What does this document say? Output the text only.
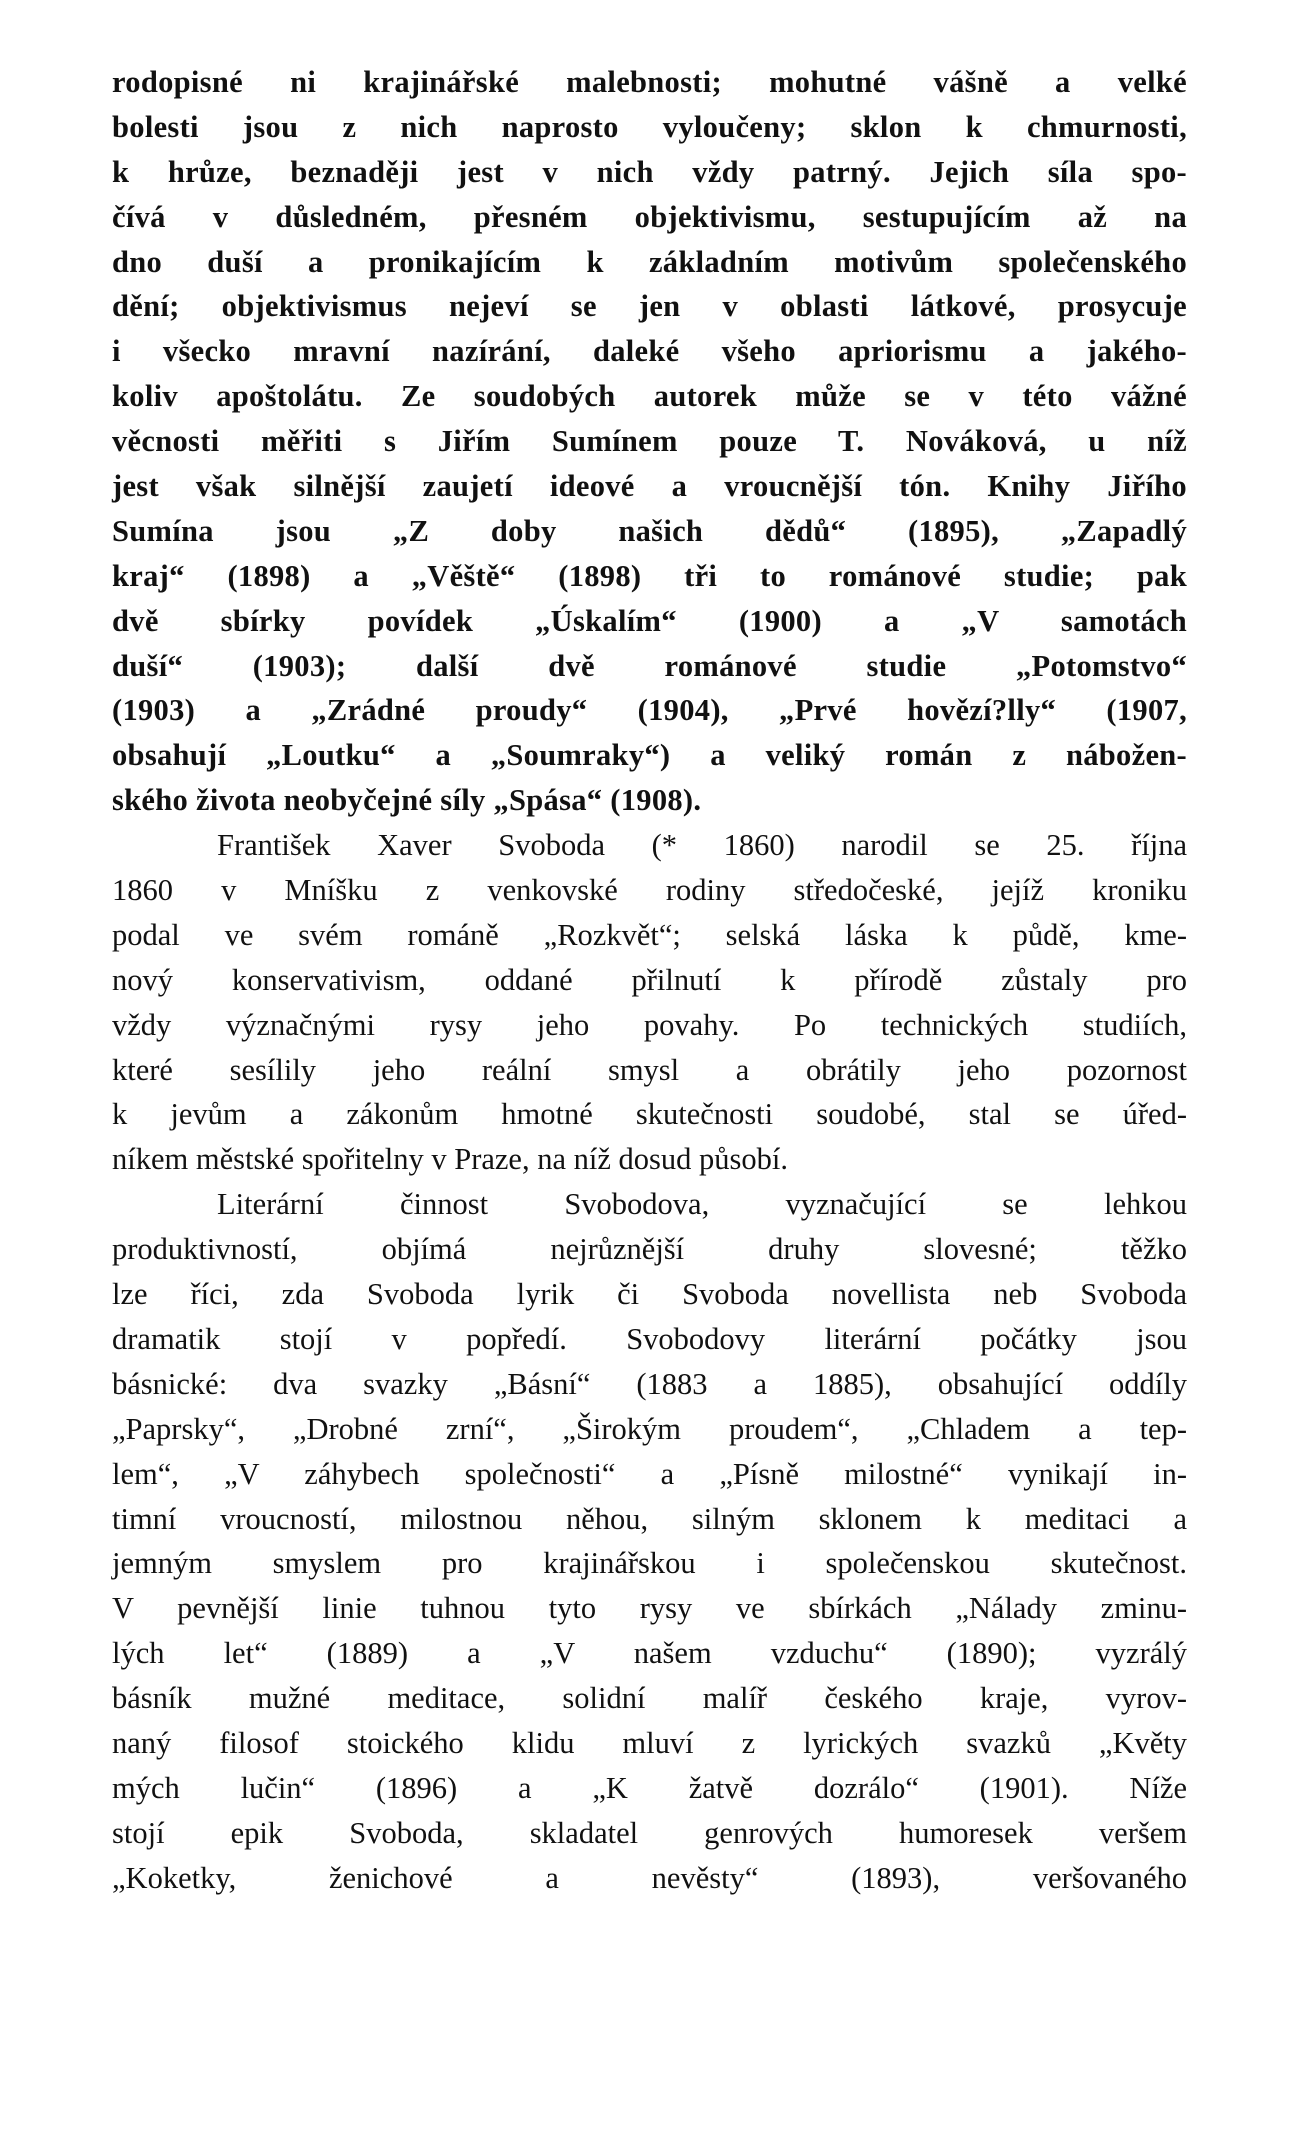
rodopisné ni krajinářské malebnosti; mohutné vášně a velké
bolesti jsou z nich naprosto vyloučeny; sklon k chmurnosti,
k hrůze, beznaději jest v nich vždy patrný. Jejich síla spo-
čívá v důsledném, přesném objektivismu, sestupujícím až na
dno duší a pronikajícím k základním motivům společenského
dění; objektivismus nejeví se jen v oblasti látkové, prosycuje
i všecko mravní nazírání, daleké všeho apriorismu a jakého-
koliv apoštolátu. Ze soudobých autorek může se v této vážné
věcnosti měřiti s Jiřím Sumínem pouze T. Nováková, u níž
jest však silnější zaujetí ideové a vroucnější tón. Knihy Jiřího
Sumína jsou „Z doby našich dědů“ (1895), „Zapadlý
kraj“ (1898) a „Věště“ (1898) tři to románové studie; pak
dvě sbírky povídek „Úskalím“ (1900) a „V samotách
duší“ (1903); další dvě románové studie „Potomstvo“
(1903) a „Zrádné proudy“ (1904), „Prvé hovězí?lly“ (1907,
obsahují „Loutku“ a „Soumraky“) a veliký román z nábožen-
ského života neobyčejné síly „Spása“ (1908).
František Xaver Svoboda (* 1860) narodil se 25. října
1860 v Mníšku z venkovské rodiny středočeské, jejíž kroniku
podal ve svém románě „Rozkvět“; selská láska k půdě, kme-
nový konservativism, oddané přilnutí k přírodě zůstaly pro
vždy význačnými rysy jeho povahy. Po technických studiích,
které sesílily jeho reální smysl a obrátily jeho pozornost
k jevům a zákonům hmotné skutečnosti soudobé, stal se úřed-
níkem městské spořitelny v Praze, na níž dosud působí.
Literární činnost Svobodova, vyznačující se lehkou
produktivností, objímá nejrůznější druhy slovesné; těžko
lze říci, zda Svoboda lyrik či Svoboda novellista neb Svoboda
dramatik stojí v popředí. Svobodovy literární počátky jsou
básnické: dva svazky „Básní“ (1883 a 1885), obsahující oddíly
„Paprsky“, „Drobné zrní“, „Širokým proudem“, „Chladem a tep-
lem“, „V záhybech společnosti“ a „Písně milostné“ vynikají in-
timní vroucností, milostnou něhou, silným sklonem k meditaci a
jemným smyslem pro krajinářskou i společenskou skutečnost.
V pevnější linie tuhnou tyto rysy ve sbírkách „Nálady zminu-
lých let“ (1889) a „V našem vzduchu“ (1890); vyzrálý
básník mužné meditace, solidní malíř českého kraje, vyrov-
naný filosof stoického klidu mluví z lyrických svazků „Květy
mých lučin“ (1896) a „K žatvě dozrálo“ (1901). Níže
stojí epik Svoboda, skladatel genrových humoresek veršem
„Koketky, ženichové a nevěsty“ (1893), veršovaného
